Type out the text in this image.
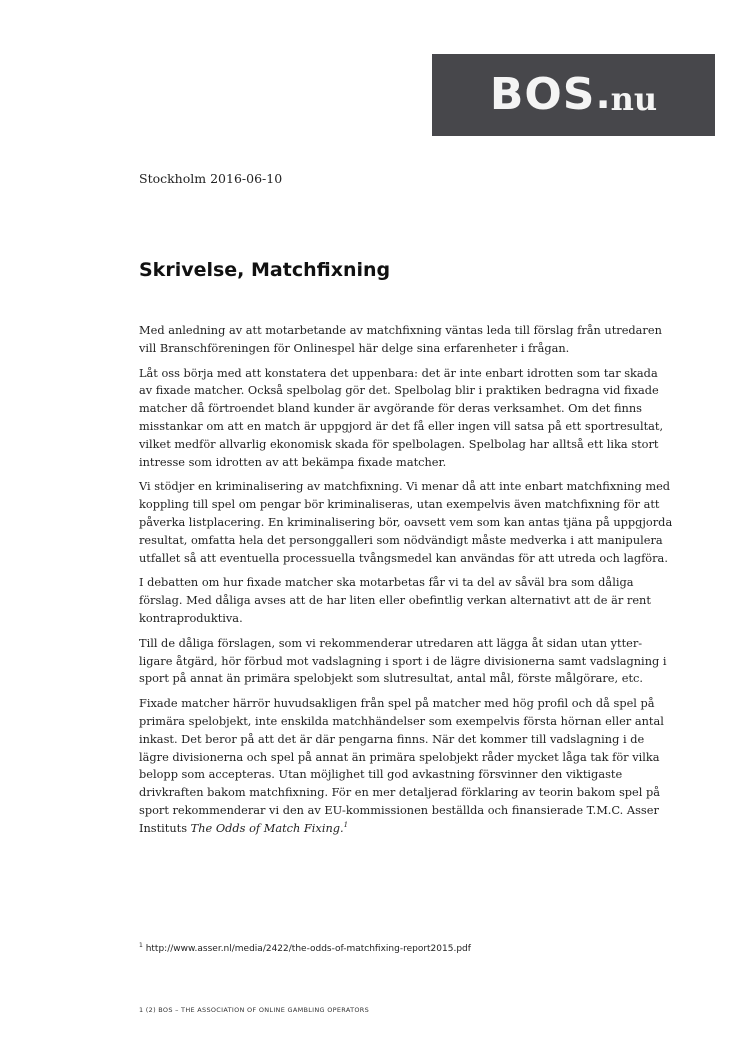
BOS . nu
Stockholm 2016-06-10
Skrivelse, Matchfixning

Med anledning av att motarbetande av matchfixning väntas leda till förslag från utredaren vill Branschföreningen för Onlinespel här delge sina erfarenheter i frågan.

Låt oss börja med att konstatera det uppenbara: det är inte enbart idrotten som tar skada av fixade matcher. Också spelbolag gör det. Spelbolag blir i praktiken bedragna vid fixade matcher då förtroendet bland kunder är avgörande för deras verksamhet. Om det finns misstankar om att en match är uppgjord är det få eller ingen vill satsa på ett sportresultat, vilket medför allvarlig ekonomisk skada för spelbolagen. Spelbolag har alltså ett lika stort intresse som idrotten av att bekämpa fixade matcher.

Vi stödjer en kriminalisering av matchfixning. Vi menar då att inte enbart matchfixning med koppling till spel om pengar bör kriminaliseras, utan exempelvis även matchfixning för att påverka listplacering. En kriminalisering bör, oavsett vem som kan antas tjäna på uppgjorda resultat, omfatta hela det personggalleri som nödvändigt måste medverka i att manipulera utfallet så att eventuella processuella tvångsmedel kan användas för att utreda och lagföra.

I debatten om hur fixade matcher ska motarbetas får vi ta del av såväl bra som dåliga förslag. Med dåliga avses att de har liten eller obefintlig verkan alternativt att de är rent kontraproduktiva.

Till de dåliga förslagen, som vi rekommenderar utredaren att lägga åt sidan utan ytter-ligare åtgärd, hör förbud mot vadslagning i sport i de lägre divisionerna samt vadslagning i sport på annat än primära spelobjekt som slutresultat, antal mål, förste målgörare, etc.

Fixade matcher härrör huvudsakligen från spel på matcher med hög profil och då spel på primära spelobjekt, inte enskilda matchhändelser som exempelvis första hörnan eller antal inkast. Det beror på att det är där pengarna finns. När det kommer till vadslagning i de lägre divisionerna och spel på annat än primära spelobjekt råder mycket låga tak för vilka belopp som accepteras. Utan möjlighet till god avkastning försvinner den viktigaste drivkraften bakom matchfixning. För en mer detaljerad förklaring av teorin bakom spel på sport rekommenderar vi den av EU-kommissionen beställda och finansierade T.M.C. Asser Instituts The Odds of Match Fixing.$^1$

$^1$ http://www.asser.nl/media/2422/the-odds-of-matchfixing-report2015.pdf
1 (2) BOS – THE ASSOCIATION OF ONLINE GAMBLING OPERATORS
